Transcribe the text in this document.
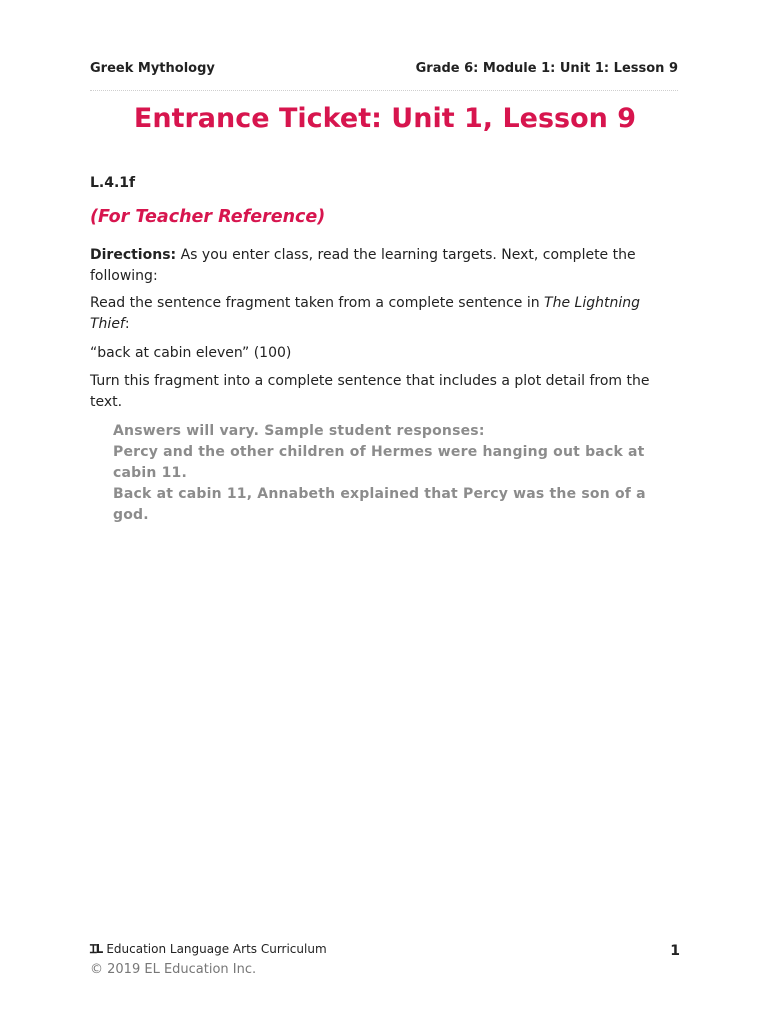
Greek Mythology	Grade 6: Module 1: Unit 1: Lesson 9
Entrance Ticket: Unit 1, Lesson 9
L.4.1f
(For Teacher Reference)
Directions: As you enter class, read the learning targets. Next, complete the following:
Read the sentence fragment taken from a complete sentence in The Lightning Thief:
“back at cabin eleven” (100)
Turn this fragment into a complete sentence that includes a plot detail from the text.
Answers will vary. Sample student responses:
Percy and the other children of Hermes were hanging out back at cabin 11.
Back at cabin 11, Annabeth explained that Percy was the son of a god.
ꞮL Education Language Arts Curriculum	1
© 2019 EL Education Inc.
